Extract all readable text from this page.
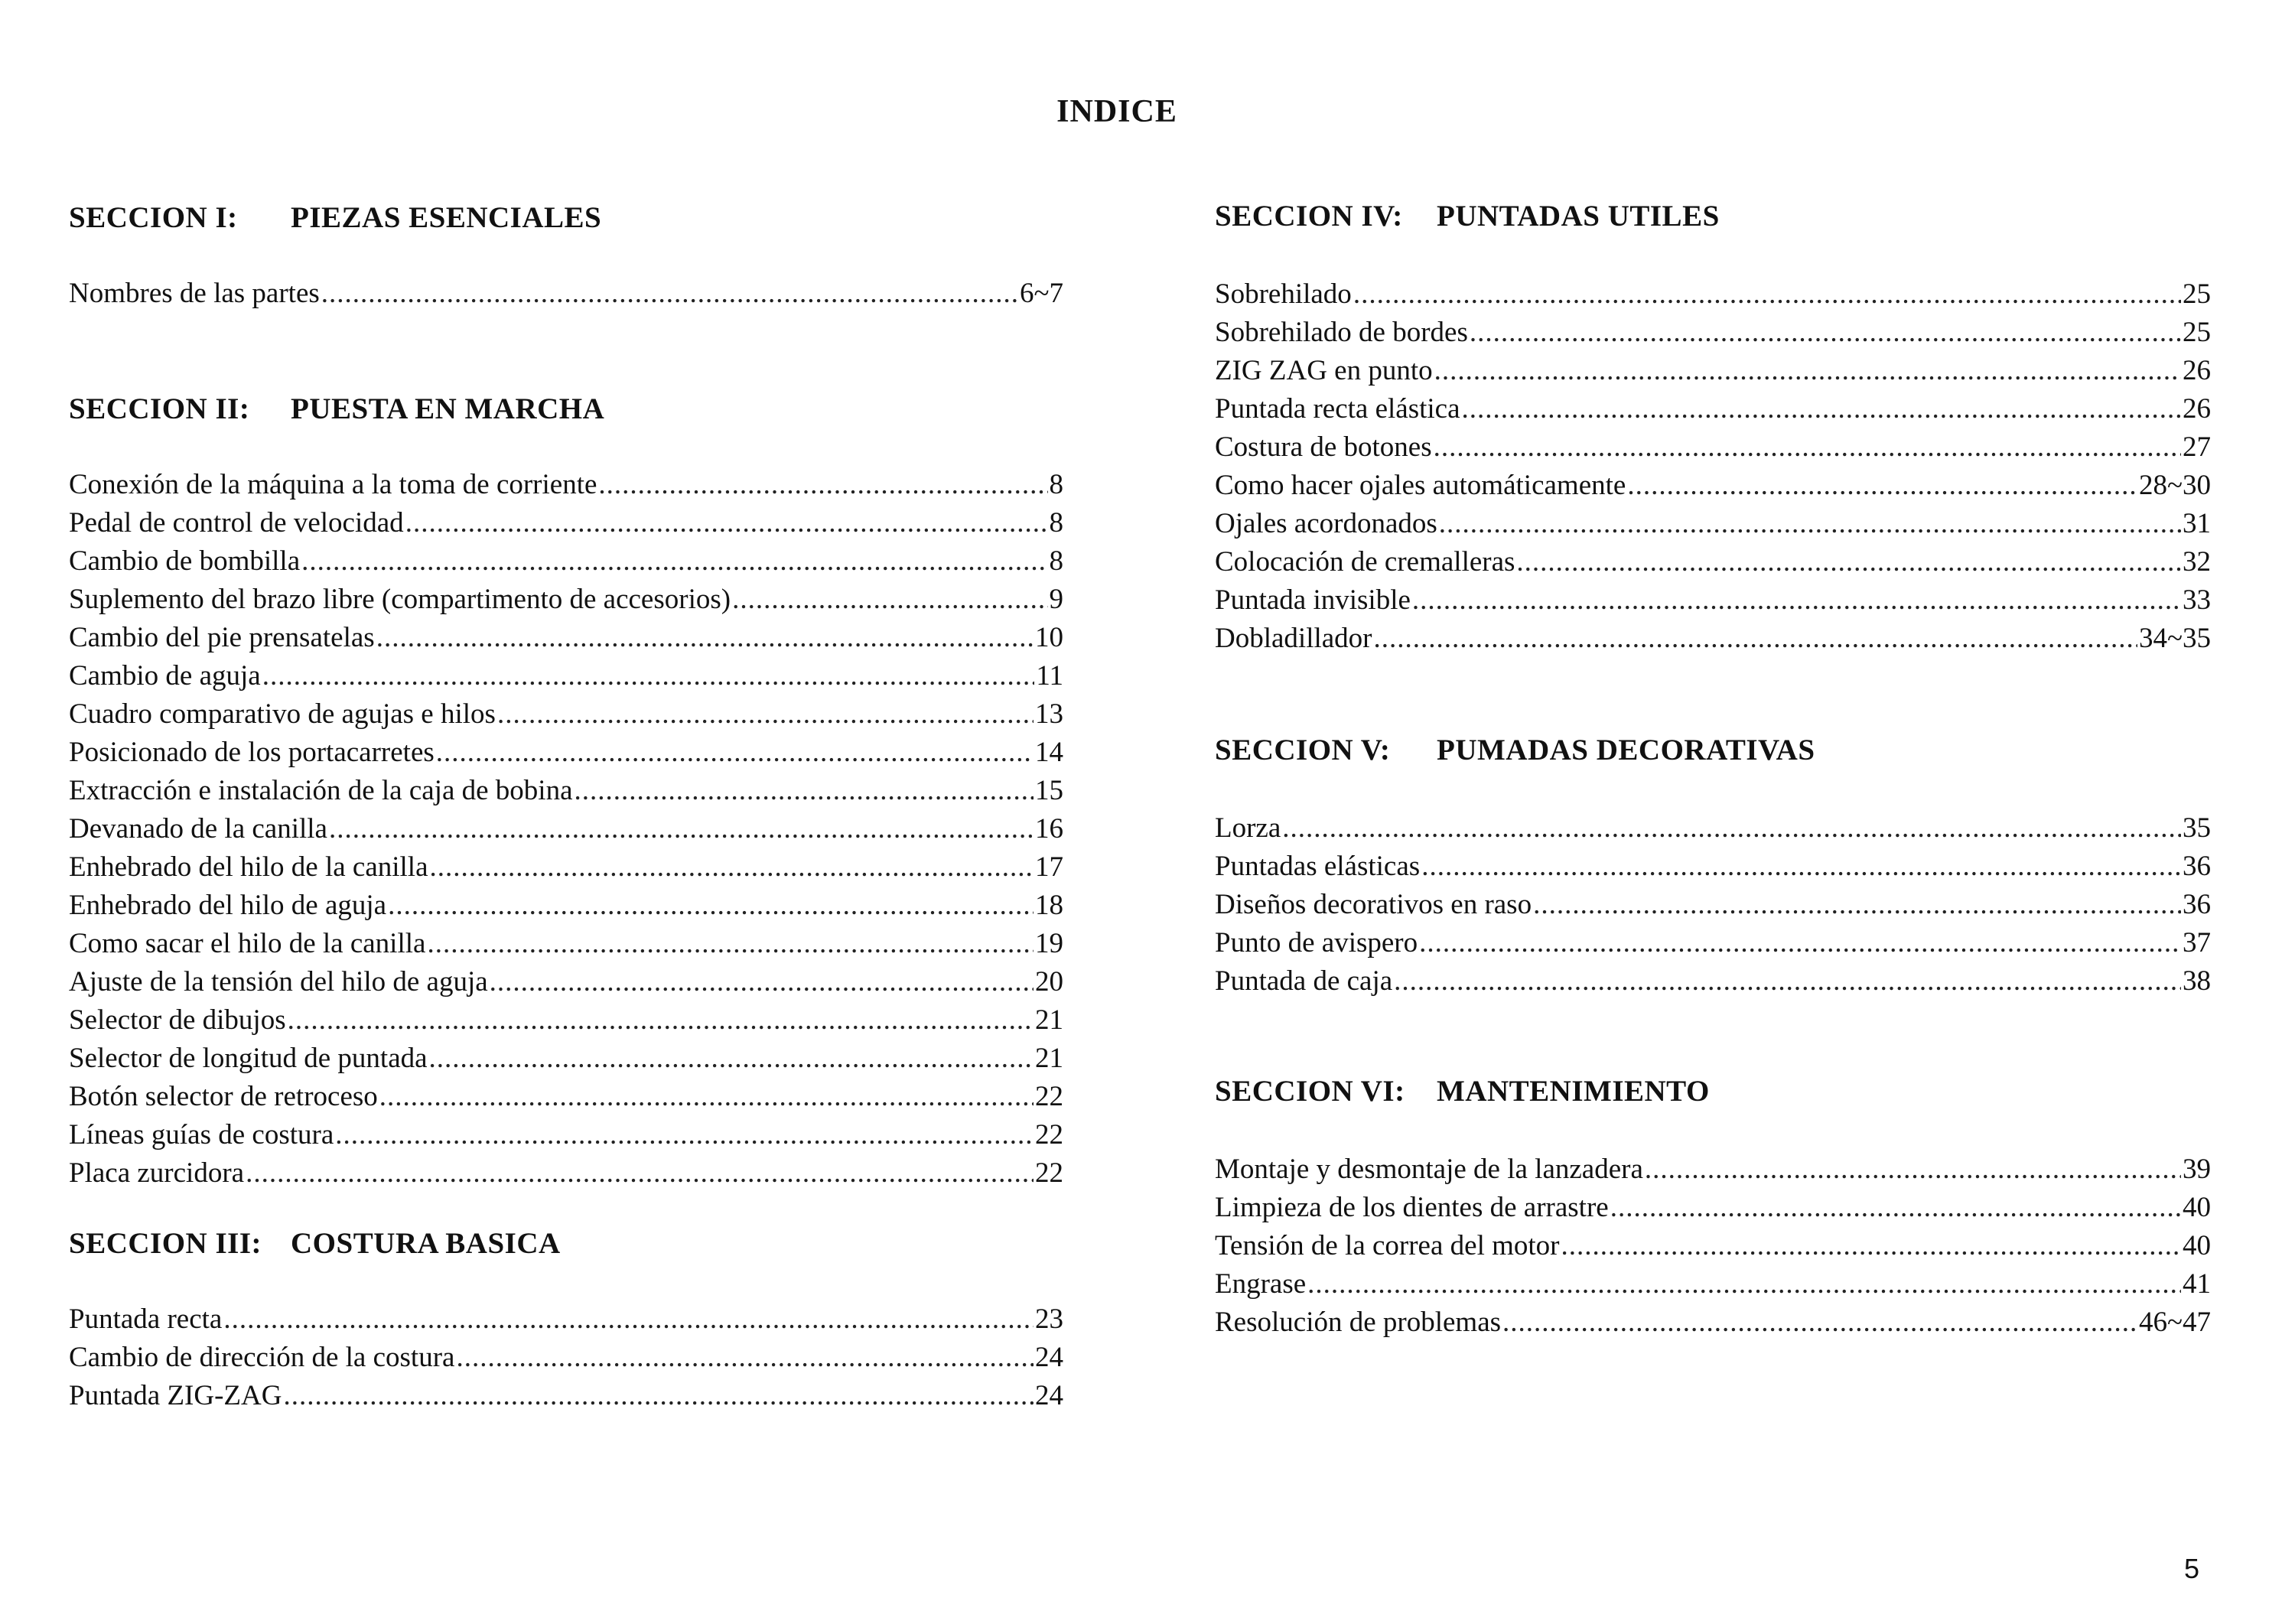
INDICE
SECCION I: PIEZAS ESENCIALES
Nombres de las partes .....	6~7
SECCION II: PUESTA EN MARCHA
Conexión de la máquina a la toma de corriente .....	8
Pedal de control de velocidad .....	8
Cambio de bombilla .....	8
Suplemento del brazo libre (compartimento de accesorios) .....	9
Cambio del pie prensatelas .....	10
Cambio de aguja .....	11
Cuadro comparativo de agujas e hilos .....	13
Posicionado de los portacarretes .....	14
Extracción e instalación de la caja de bobina .....	15
Devanado de la canilla .....	16
Enhebrado del hilo de la canilla .....	17
Enhebrado del hilo de aguja .....	18
Como sacar el hilo de la canilla .....	19
Ajuste de la tensión del hilo de aguja .....	20
Selector de dibujos .....	21
Selector de longitud de puntada .....	21
Botón selector de retroceso .....	22
Líneas guías de costura .....	22
Placa zurcidora .....	22
SECCION III: COSTURA BASICA
Puntada recta .....	23
Cambio de dirección de la costura .....	24
Puntada ZIG-ZAG .....	24
SECCION IV: PUNTADAS UTILES
Sobrehilado .....	25
Sobrehilado de bordes .....	25
ZIG ZAG en punto .....	26
Puntada recta elástica .....	26
Costura de botones .....	27
Como hacer ojales automáticamente .....	28~30
Ojales acordonados .....	31
Colocación de cremalleras .....	32
Puntada invisible .....	33
Dobladillador .....	34~35
SECCION V: PUMADAS DECORATIVAS
Lorza .....	35
Puntadas elásticas .....	36
Diseños decorativos en raso .....	36
Punto de avispero .....	37
Puntada de caja .....	38
SECCION VI: MANTENIMIENTO
Montaje y desmontaje de la lanzadera .....	39
Limpieza de los dientes de arrastre .....	40
Tensión de la correa del motor .....	40
Engrase .....	41
Resolución de problemas .....	46~47
5
